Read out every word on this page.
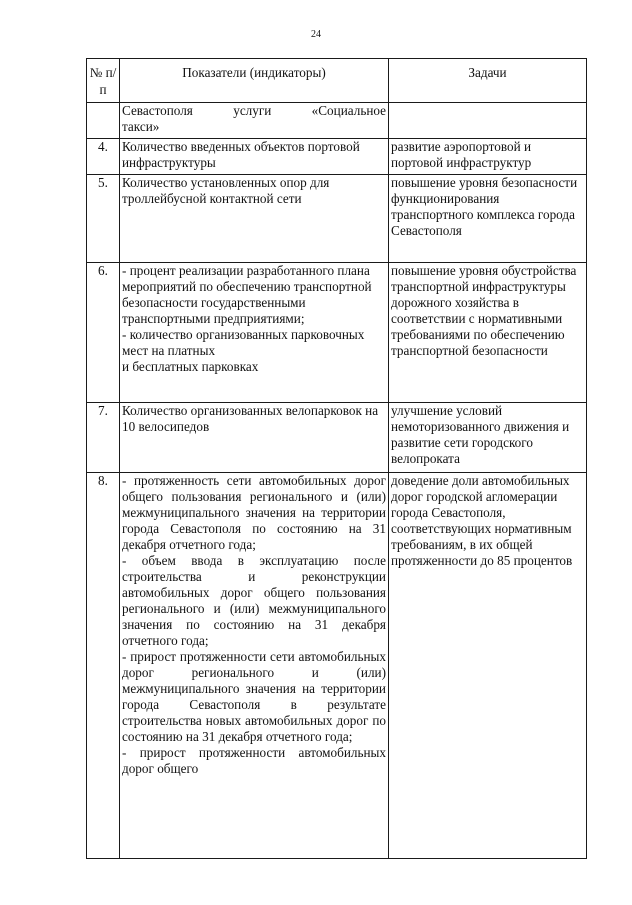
24
№ п/п	Показатели (индикаторы)	Задачи

	Севастополя услуги «Социальное
такси»	

4.	Количество введенных объектов портовой инфраструктуры	развитие аэропортовой и портовой инфраструктур
5.	Количество установленных опор для троллейбусной контактной сети	повышение уровня безопасности функционирования транспортного комплекса города Севастополя
6.	- процент реализации разработанного плана мероприятий по обеспечению транспортной безопасности государственными транспортными предприятиями;
- количество организованных парковочных мест на платных
и бесплатных парковках	повышение уровня обустройства транспортной инфраструктуры дорожного хозяйства в соответствии с нормативными требованиями по обеспечению транспортной безопасности
7.	Количество организованных велопарковок на 10 велосипедов	улучшение условий немоторизованного движения и развитие сети городского велопроката
8.	- протяженность сети автомобильных дорог общего пользования регионального и (или) межмуниципального значения на территории города Севастополя по состоянию на 31 декабря отчетного года;
- объем ввода в эксплуатацию после строительства и реконструкции автомобильных дорог общего пользования регионального и (или) межмуниципального значения по состоянию на 31 декабря отчетного года;
- прирост протяженности сети автомобильных дорог регионального и (или) межмуниципального значения на территории города Севастополя в результате строительства новых автомобильных дорог по состоянию на 31 декабря отчетного года;
- прирост протяженности автомобильных дорог общего	доведение доли автомобильных дорог городской агломерации города Севастополя, соответствующих нормативным требованиям, в их общей протяженности до 85 процентов
